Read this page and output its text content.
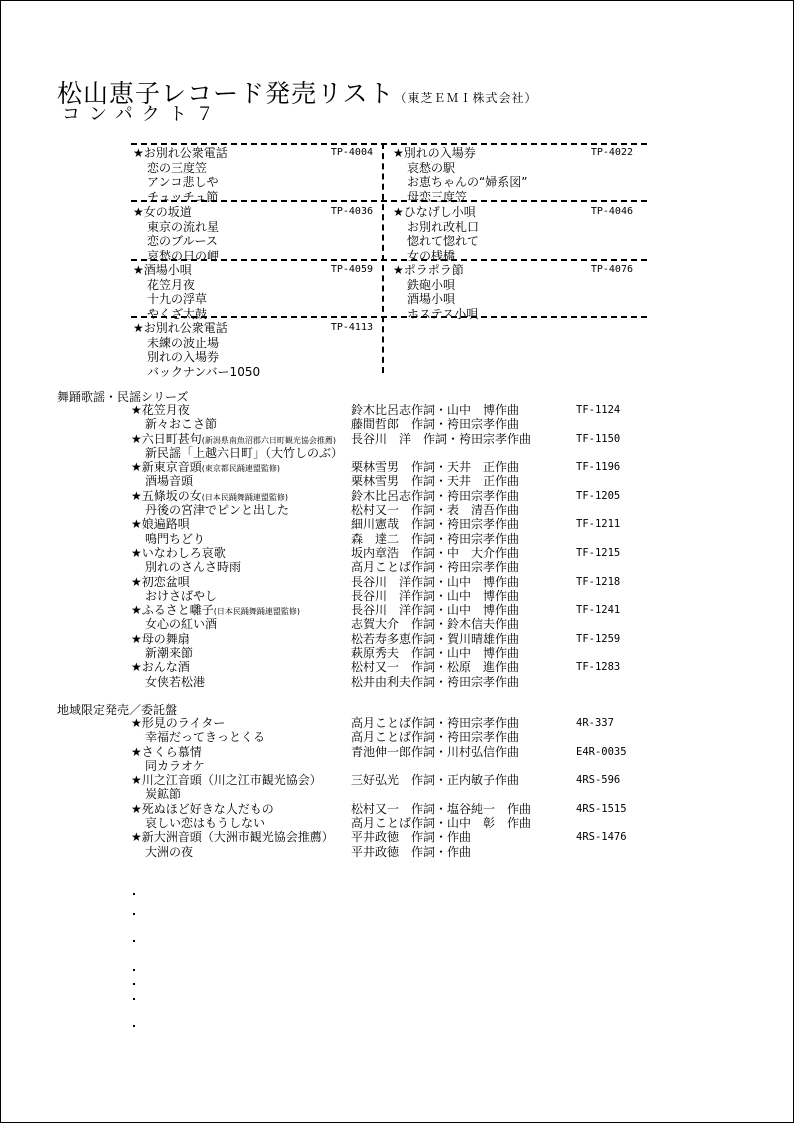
松山恵子レコード発売リスト（東芝ＥＭＩ株式会社）
コンパクト７
★お別れ公衆電話	TP-4004
恋の三度笠
アンコ悲しや
チュッチュ節
★別れの入場券	TP-4022
哀愁の駅
お恵ちゃんの“婦系図”
母恋三度笠
★女の坂道	TP-4036
東京の流れ星
恋のブルース
哀愁の日の岬
★ひなげし小唄	TP-4046
お別れ改札口
惚れて惚れて
女の桟橋
★酒場小唄	TP-4059
花笠月夜
十九の浮草
やくざ太鼓
★ポラポラ節	TP-4076
鉄砲小唄
酒場小唄
ホステス小唄
★お別れ公衆電話	TP-4113
未練の波止場
別れの入場券
バックナンバー1050
舞踊歌謡・民謡シリーズ
★花笠月夜	鈴木比呂志作詞・山中　博作曲	TF-1124
新々おこさ節	藤間哲郎　作詞・袴田宗孝作曲
★六日町甚句(新潟県南魚沼郡六日町観光協会推薦) 長谷川　洋　作詞・袴田宗孝作曲	TF-1150
新民謡「上越六日町」（大竹しのぶ）
★新東京音頭(東京都民踊連盟監修)	栗林雪男　作詞・天井　正作曲	TF-1196
酒場音頭	栗林雪男　作詞・天井　正作曲
★五條坂の女(日本民踊舞踊連盟監修)	鈴木比呂志作詞・袴田宗孝作曲	TF-1205
丹後の宮津でピンと出した	松村又一　作詞・表　清吾作曲
★娘遍路唄	細川憲哉　作詞・袴田宗孝作曲	TF-1211
鳴門ちどり	森　達二　作詞・袴田宗孝作曲
★いなわしろ哀歌	坂内章浩　作詞・中　大介作曲	TF-1215
別れのさんさ時雨	高月ことば作詞・袴田宗孝作曲
★初恋盆唄	長谷川　洋作詞・山中　博作曲	TF-1218
おけさばやし	長谷川　洋作詞・山中　博作曲
★ふるさと囃子(日本民踊舞踊連盟監修)	長谷川　洋作詞・山中　博作曲	TF-1241
女心の紅い酒	志賀大介　作詞・鈴木信夫作曲
★母の舞扇	松若寿多恵作詞・賀川晴雄作曲	TF-1259
新潮来節	萩原秀夫　作詞・山中　博作曲
★おんな酒	松村又一　作詞・松原　進作曲	TF-1283
女侠若松港	松井由利夫作詞・袴田宗孝作曲
地域限定発売／委託盤
★形見のライター	高月ことば作詞・袴田宗孝作曲	4R-337
幸福だってきっとくる	高月ことば作詞・袴田宗孝作曲
★さくら慕情	青池伸一郎作詞・川村弘信作曲	E4R-0035
同カラオケ
★川之江音頭（川之江市観光協会） 三好弘光　作詞・正内敏子作曲	4RS-596
炭鉱節
★死ぬほど好きな人だもの	松村又一　作詞・塩谷純一　作曲	4RS-1515
哀しい恋はもうしない	高月ことば作詞・山中　彰　作曲
★新大洲音頭（大洲市観光協会推薦） 平井政徳　作詞・作曲	4RS-1476
大洲の夜	平井政徳　作詞・作曲
